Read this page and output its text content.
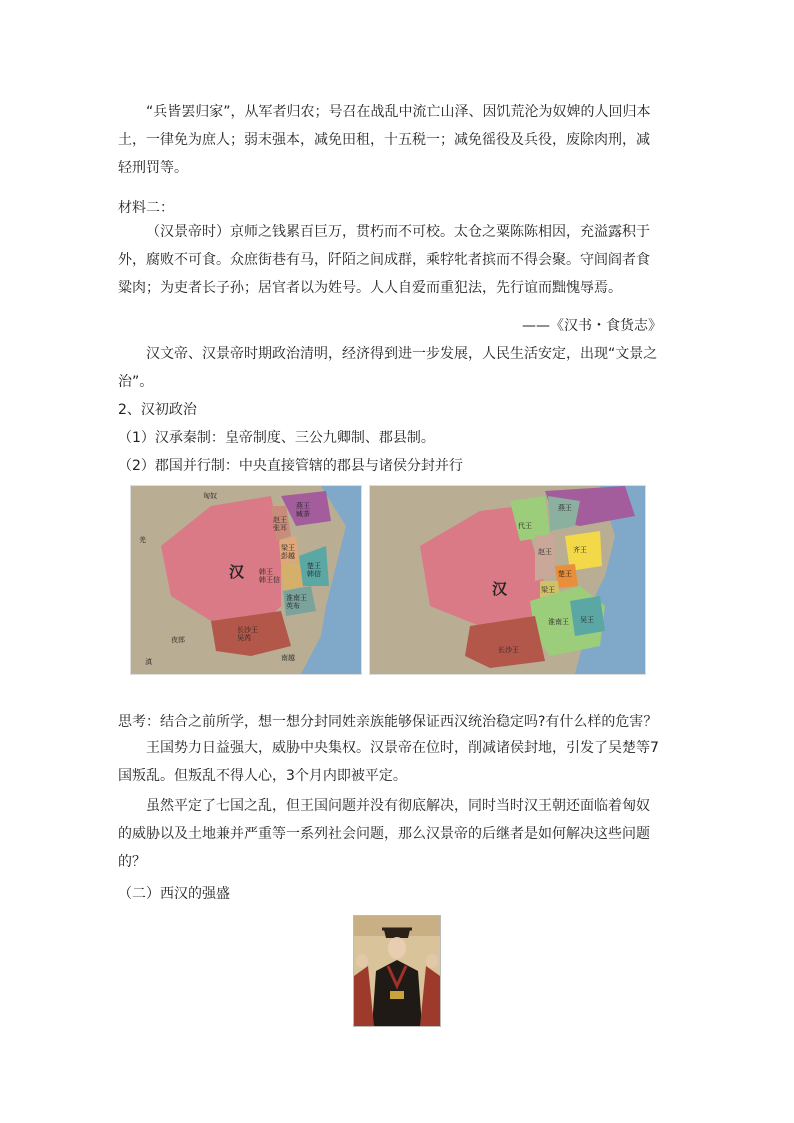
“兵皆罢归家”，从军者归农；号召在战乱中流亡山泽、因饥荒沦为奴婢的人回归本土，一律免为庶人；弱末强本，减免田租，十五税一；减免徭役及兵役，废除肉刑，减轻刑罚等。

材料二：

（汉景帝时）京师之钱累百巨万，贯朽而不可校。太仓之粟陈陈相因，充溢露积于外，腐败不可食。众庶街巷有马，阡陌之间成群，乘牸牝者摈而不得会聚。守闾阎者食粱肉；为吏者长子孙；居官者以为姓号。人人自爱而重犯法，先行谊而黜愧辱焉。

——《汉书・食货志》

汉文帝、汉景帝时期政治清明，经济得到进一步发展，人民生活安定，出现“文景之治”。

2、汉初政治
（1）汉承秦制：皇帝制度、三公九卿制、郡县制。
（2）郡国并行制：中央直接管辖的郡县与诸侯分封并行
汉
燕王
臧荼
赵王
张耳
梁王
彭越
韩王
韩王信
楚王
韩信
淮南王
英布
长沙王
吴芮
匈奴
羌
夜郎
南越
滇
汉
燕王
代王
赵王	齐王
梁王
楚王
吴王
淮南王
长沙王
思考：结合之前所学，想一想分封同姓亲族能够保证西汉统治稳定吗?有什么样的危害？

王国势力日益强大，威胁中央集权。汉景帝在位时，削减诸侯封地，引发了吴楚等7国叛乱。但叛乱不得人心，3个月内即被平定。

虽然平定了七国之乱，但王国问题并没有彻底解决，同时当时汉王朝还面临着匈奴的威胁以及土地兼并严重等一系列社会问题，那么汉景帝的后继者是如何解决这些问题的？

（二）西汉的强盛
